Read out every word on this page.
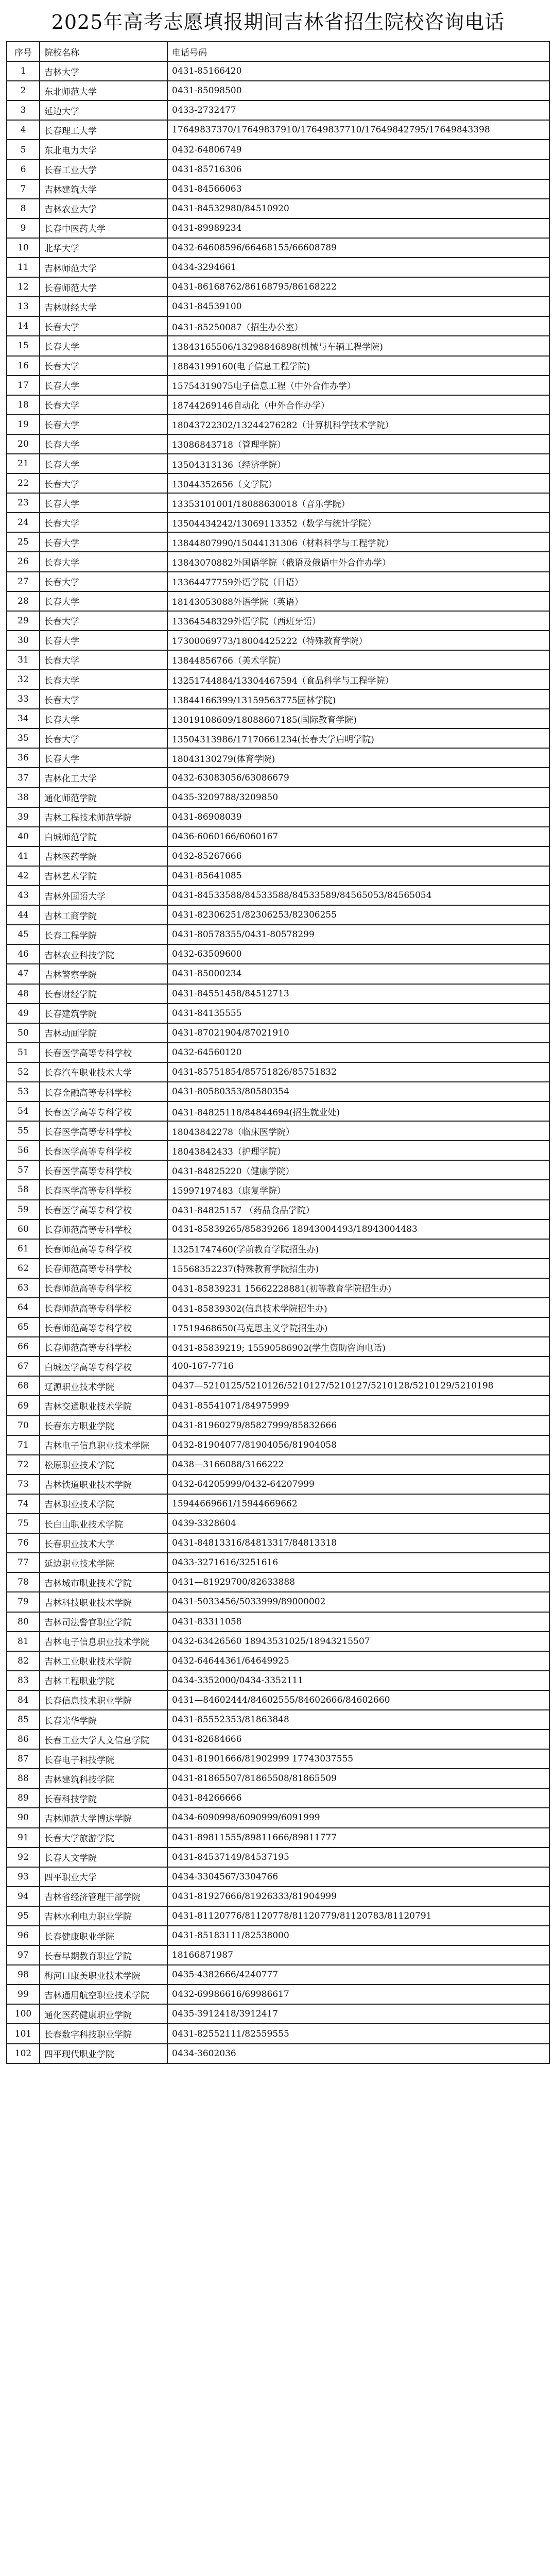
2025年高考志愿填报期间吉林省招生院校咨询电话
序号	院校名称	电话号码
1	吉林大学	0431-85166420
2	东北师范大学	0431-85098500
3	延边大学	0433-2732477
4	长春理工大学	17649837370/17649837910/17649837710/17649842795/17649843398
5	东北电力大学	0432-64806749
6	长春工业大学	0431-85716306
7	吉林建筑大学	0431-84566063
8	吉林农业大学	0431-84532980/84510920
9	长春中医药大学	0431-89989234
10	北华大学	0432-64608596/66468155/66608789
11	吉林师范大学	0434-3294661
12	长春师范大学	0431-86168762/86168795/86168222
13	吉林财经大学	0431-84539100
14	长春大学	0431-85250087（招生办公室）
15	长春大学	13843165506/13298846898(机械与车辆工程学院)
16	长春大学	18843199160(电子信息工程学院)
17	长春大学	15754319075电子信息工程（中外合作办学）
18	长春大学	18744269146自动化（中外合作办学）
19	长春大学	18043722302/13244276282（计算机科学技术学院）
20	长春大学	13086843718（管理学院）
21	长春大学	13504313136（经济学院）
22	长春大学	13044352656（文学院）
23	长春大学	13353101001/18088630018（音乐学院）
24	长春大学	13504434242/13069113352（数学与统计学院）
25	长春大学	13844807990/15044131306（材料科学与工程学院）
26	长春大学	13843070882外国语学院（俄语及俄语中外合作办学）
27	长春大学	13364477759外语学院（日语）
28	长春大学	18143053088外语学院（英语）
29	长春大学	13364548329外语学院（西班牙语）
30	长春大学	17300069773/18004425222（特殊教育学院）
31	长春大学	13844856766（美术学院）
32	长春大学	13251744884/13304467594（食品科学与工程学院）
33	长春大学	13844166399/13159563775园林学院)
34	长春大学	13019108609/18088607185(国际教育学院)
35	长春大学	13504313986/17170661234(长春大学启明学院)
36	长春大学	18043130279(体育学院)
37	吉林化工大学	0432-63083056/63086679
38	通化师范学院	0435-3209788/3209850
39	吉林工程技术师范学院	0431-86908039
40	白城师范学院	0436-6060166/6060167
41	吉林医药学院	0432-85267666
42	吉林艺术学院	0431-85641085
43	吉林外国语大学	0431-84533588/84533588/84533589/84565053/84565054
44	吉林工商学院	0431-82306251/82306253/82306255
45	长春工程学院	0431-80578355/0431-80578299
46	吉林农业科技学院	0432-63509600
47	吉林警察学院	0431-85000234
48	长春财经学院	0431-84551458/84512713
49	长春建筑学院	0431-84135555
50	吉林动画学院	0431-87021904/87021910
51	长春医学高等专科学校	0432-64560120
52	长春汽车职业技术大学	0431-85751854/85751826/85751832
53	长春金融高等专科学校	0431-80580353/80580354
54	长春医学高等专科学校	0431-84825118/84844694(招生就业处)
55	长春医学高等专科学校	18043842278（临床医学院）
56	长春医学高等专科学校	18043842433（护理学院）
57	长春医学高等专科学校	0431-84825220（健康学院）
58	长春医学高等专科学校	15997197483（康复学院）
59	长春医学高等专科学校	0431-84825157 （药品食品学院）
60	长春师范高等专科学校	0431-85839265/85839266 18943004493/18943004483
61	长春师范高等专科学校	13251747460(学前教育学院招生办)
62	长春师范高等专科学校	15568352237(特殊教育学院招生办)
63	长春师范高等专科学校	0431-85839231 15662228881(初等教育学院招生办)
64	长春师范高等专科学校	0431-85839302(信息技术学院招生办)
65	长春师范高等专科学校	17519468650(马克思主义学院招生办)
66	长春师范高等专科学校	0431-85839219; 15590586902(学生资助咨询电话)
67	白城医学高等专科学校	400-167-7716
68	辽源职业技术学院	0437—5210125/5210126/5210127/5210127/5210128/5210129/5210198
69	吉林交通职业技术学院	0431-85541071/84975999
70	长春东方职业学院	0431-81960279/85827999/85832666
71	吉林电子信息职业技术学院	0432-81904077/81904056/81904058
72	松原职业技术学院	0438—3166088/3166222
73	吉林铁道职业技术学院	0432-64205999/0432-64207999
74	吉林职业技术学院	15944669661/15944669662
75	长白山职业技术学院	0439-3328604
76	长春职业技术大学	0431-84813316/84813317/84813318
77	延边职业技术学院	0433-3271616/3251616
78	吉林城市职业技术学院	0431—81929700/82633888
79	吉林科技职业技术学院	0431-5033456/5033999/89000002
80	吉林司法警官职业学院	0431-83311058
81	吉林电子信息职业技术学院	0432-63426560 18943531025/18943215507
82	吉林工业职业技术学院	0432-64644361/64649925
83	吉林工程职业学院	0434-3352000/0434-3352111
84	长春信息技术职业学院	0431—84602444/84602555/84602666/84602660
85	长春光华学院	0431-85552353/81863848
86	长春工业大学人文信息学院	0431-82684666
87	长春电子科技学院	0431-81901666/81902999 17743037555
88	吉林建筑科技学院	0431-81865507/81865508/81865509
89	长春科技学院	0431-84266666
90	吉林师范大学博达学院	0434-6090998/6090999/6091999
91	长春大学旅游学院	0431-89811555/89811666/89811777
92	长春人文学院	0431-84537149/84537195
93	四平职业大学	0434-3304567/3304766
94	吉林省经济管理干部学院	0431-81927666/81926333/81904999
95	吉林水利电力职业学院	0431-81120776/81120778/81120779/81120783/81120791
96	长春健康职业学院	0431-85183111/82538000
97	长春早期教育职业学院	18166871987
98	梅河口康美职业技术学院	0435-4382666/4240777
99	吉林通用航空职业技术学院	0432-69986616/69986617
100	通化医药健康职业学院	0435-3912418/3912417
101	长春数字科技职业学院	0431-82552111/82559555
102	四平现代职业学院	0434-3602036
